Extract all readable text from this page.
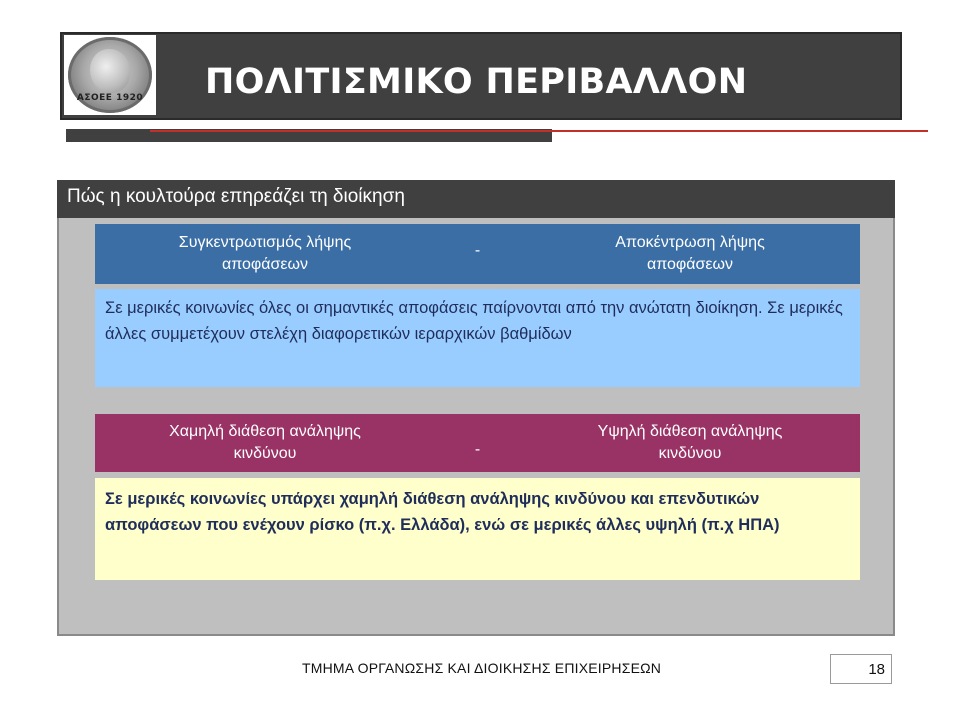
ΑΣΟΕΕ 1920 ΠΟΛΙΤΙΣΜΙΚΟ ΠΕΡΙΒΑΛΛΟΝ
Πώς η κουλτούρα επηρεάζει τη διοίκηση
Συγκεντρωτισμός λήψης
αποφάσεων
-	Αποκέντρωση λήψης
αποφάσεων
Σε μερικές κοινωνίες όλες οι σημαντικές αποφάσεις παίρνονται από την ανώτατη διοίκηση. Σε μερικές άλλες συμμετέχουν στελέχη διαφορετικών ιεραρχικών βαθμίδων
Χαμηλή διάθεση ανάληψης
κινδύνου	-
Υψηλή διάθεση ανάληψης
κινδύνου
Σε μερικές κοινωνίες υπάρχει χαμηλή διάθεση ανάληψης κινδύνου και επενδυτικών αποφάσεων που ενέχουν ρίσκο (π.χ. Ελλάδα), ενώ σε μερικές άλλες υψηλή (π.χ ΗΠΑ)
ΤΜΗΜΑ ΟΡΓΑΝΩΣΗΣ ΚΑΙ ΔΙΟΙΚΗΣΗΣ ΕΠΙΧΕΙΡΗΣΕΩΝ	18
